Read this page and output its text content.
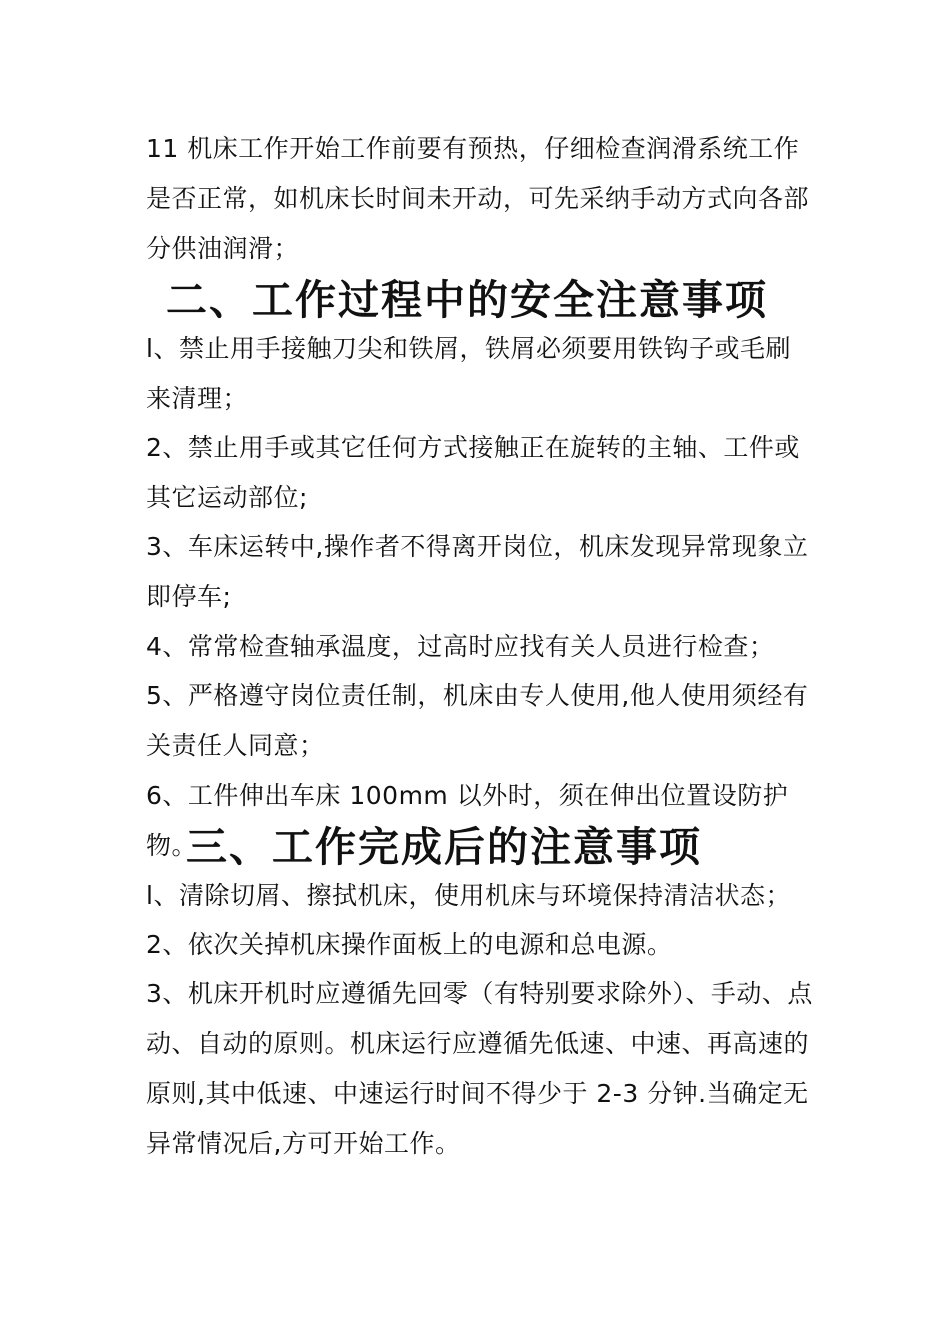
11 机床工作开始工作前要有预热，仔细检查润滑系统工作是否正常，如机床长时间未开动，可先采纳手动方式向各部分供油润滑；

二、工作过程中的安全注意事项

l、禁止用手接触刀尖和铁屑，铁屑必须要用铁钩子或毛刷来清理；

2、禁止用手或其它任何方式接触正在旋转的主轴、工件或其它运动部位;

3、车床运转中,操作者不得离开岗位，机床发现异常现象立即停车;

4、常常检查轴承温度，过高时应找有关人员进行检查；

5、严格遵守岗位责任制，机床由专人使用,他人使用须经有关责任人同意；

6、工件伸出车床 100mm 以外时，须在伸出位置设防护物。

三、工作完成后的注意事项

l、清除切屑、擦拭机床，使用机床与环境保持清洁状态；

2、依次关掉机床操作面板上的电源和总电源。

3、机床开机时应遵循先回零（有特别要求除外）、手动、点动、自动的原则。机床运行应遵循先低速、中速、再高速的原则,其中低速、中速运行时间不得少于 2-3 分钟.当确定无异常情况后,方可开始工作。
